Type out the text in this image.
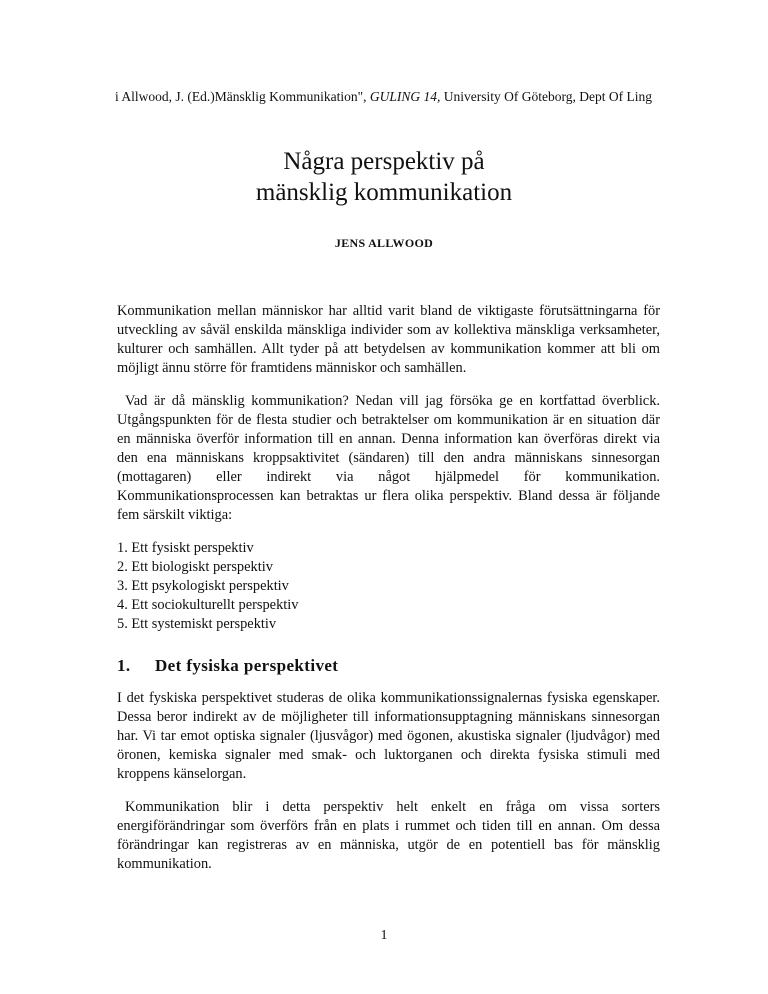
i Allwood, J. (Ed.)Mänsklig Kommunikation", GULING 14, University Of Göteborg, Dept Of Ling
Några perspektiv på
mänsklig kommunikation
JENS ALLWOOD

Kommunikation mellan människor har alltid varit bland de viktigaste förutsättningarna för utveckling av såväl enskilda mänskliga individer som av kollektiva mänskliga verksamheter, kulturer och samhällen. Allt tyder på att betydelsen av kommunikation kommer att bli om möjligt ännu större för framtidens människor och samhällen.

Vad är då mänsklig kommunikation? Nedan vill jag försöka ge en kortfattad överblick. Utgångspunkten för de flesta studier och betraktelser om kommunikation är en situation där en människa överför information till en annan. Denna information kan överföras direkt via den ena människans kroppsaktivitet (sändaren) till den andra människans sinnesorgan (mottagaren) eller indirekt via något hjälpmedel för kommunikation. Kommunikationsprocessen kan betraktas ur flera olika perspektiv. Bland dessa är följande fem särskilt viktiga:

1. Ett fysiskt perspektiv
2. Ett biologiskt perspektiv
3. Ett psykologiskt perspektiv
4. Ett sociokulturellt perspektiv
5. Ett systemiskt perspektiv
1.	Det fysiska perspektivet

I det fyskiska perspektivet studeras de olika kommunikationssignalernas fysiska egenskaper. Dessa beror indirekt av de möjligheter till informationsupptagning människans sinnesorgan har. Vi tar emot optiska signaler (ljusvågor) med ögonen, akustiska signaler (ljudvågor) med öronen, kemiska signaler med smak- och luktorganen och direkta fysiska stimuli med kroppens känselorgan.

Kommunikation blir i detta perspektiv helt enkelt en fråga om vissa sorters energiförändringar som överförs från en plats i rummet och tiden till en annan. Om dessa förändringar kan registreras av en människa, utgör de en potentiell bas för mänsklig kommunikation.

1
